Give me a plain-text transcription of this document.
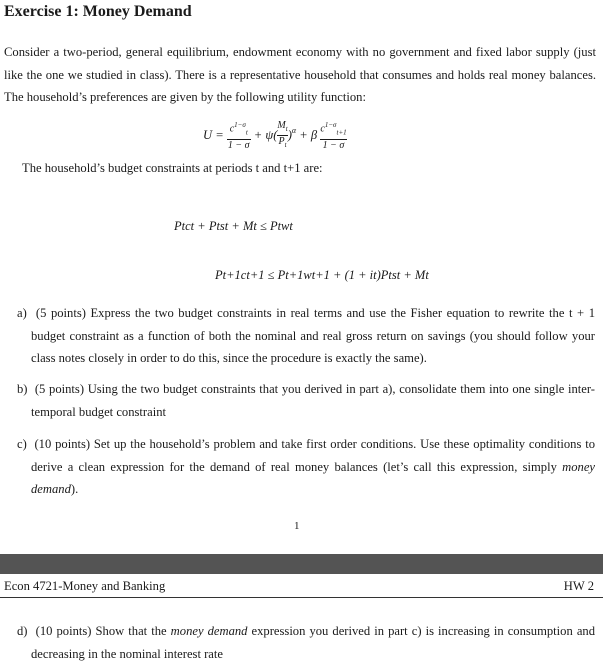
Exercise 1: Money Demand
Consider a two-period, general equilibrium, endowment economy with no government and fixed labor supply (just like the one we studied in class). There is a representative household that consumes and holds real money balances. The household’s preferences are given by the following utility function:
$U = \frac{c^{1-\sigma}_t}{1 - \sigma} + \psi( \frac{M_t}{P_t} )^\alpha + \beta \frac{c^{1-\sigma}_{t+1}}{1 - \sigma}$
The household’s budget constraints at periods t and t+1 are:
Ptct + Ptst + Mt ≤ Ptwt
Pt+1ct+1 ≤ Pt+1wt+1 + (1 + it)Ptst + Mt
a) (5 points) Express the two budget constraints in real terms and use the Fisher equation to rewrite the t + 1 budget constraint as a function of both the nominal and real gross return on savings (you should follow your class notes closely in order to do this, since the procedure is exactly the same).
b) (5 points) Using the two budget constraints that you derived in part a), consolidate them into one single inter-temporal budget constraint
c) (10 points) Set up the household’s problem and take first order conditions. Use these optimality conditions to derive a clean expression for the demand of real money balances (let’s call this expression, simply money demand).
1
Econ 4721-Money and Banking	HW 2
d) (10 points) Show that the money demand expression you derived in part c) is increasing in consumption and decreasing in the nominal interest rate
